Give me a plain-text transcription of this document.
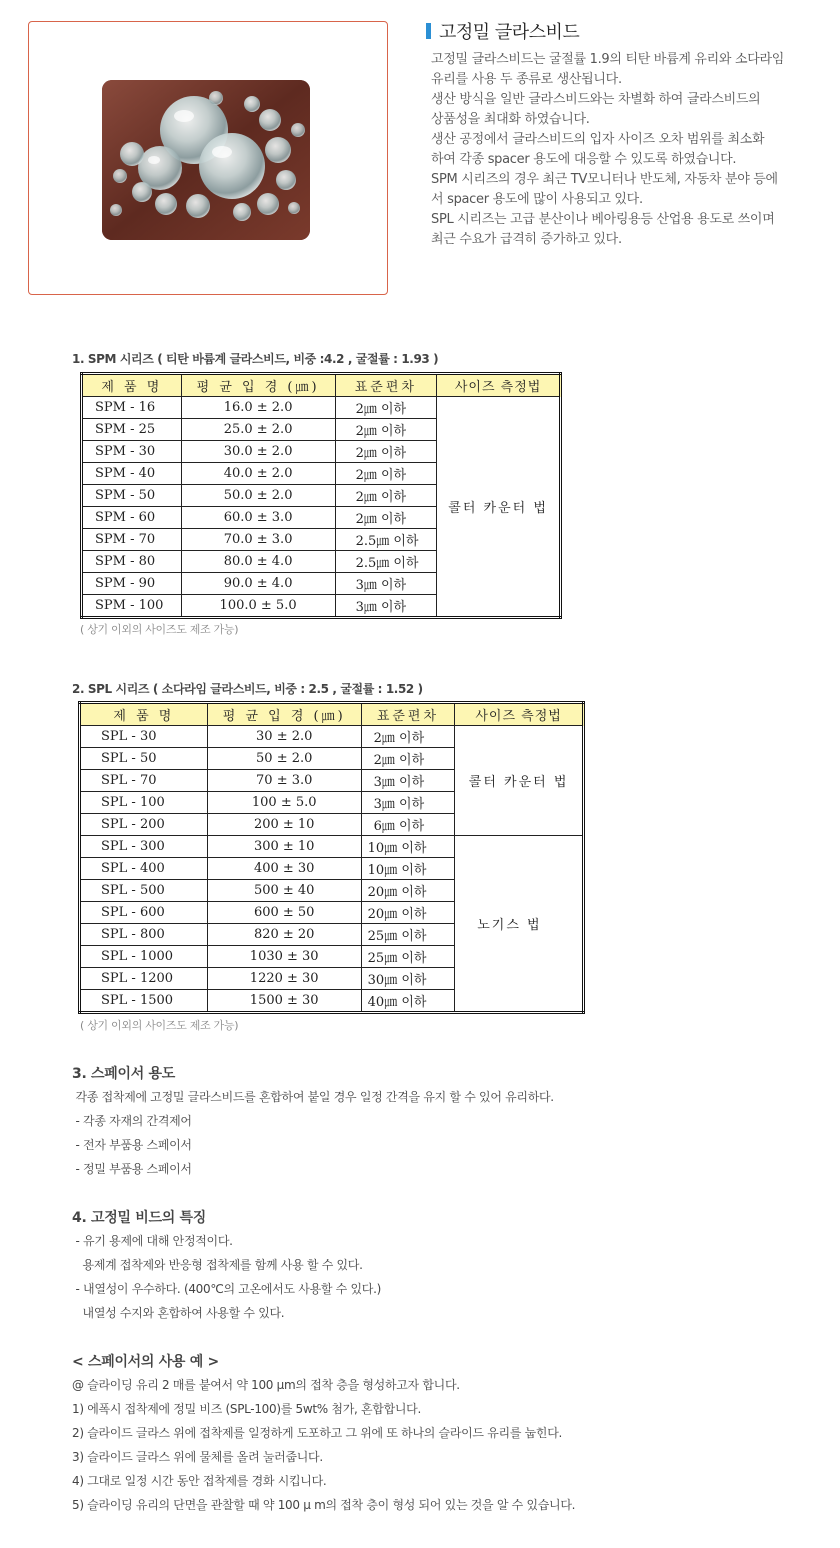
고정밀 글라스비드

고정밀 글라스비드는 굴절률 1.9의 티탄 바륨계 유리와 소다라임

유리를 사용 두 종류로 생산됩니다.

생산 방식을 일반 글라스비드와는 차별화 하여 글라스비드의

상품성을 최대화 하였습니다.

생산 공정에서 글라스비드의 입자 사이즈 오차 범위를 최소화

하여 각종 spacer 용도에 대응할 수 있도록 하였습니다.

SPM 시리즈의 경우 최근 TV모니터나 반도체, 자동차 분야 등에

서 spacer 용도에 많이 사용되고 있다.

SPL 시리즈는 고급 분산이나 베아링용등 산업용 용도로 쓰이며

최근 수요가 급격히 증가하고 있다.

1. SPM 시리즈 ( 티탄 바륨계 글라스비드, 비중 :4.2 , 굴절률 : 1.93 )
제 품 명	평 균 입 경 (㎛)	표준편차	사이즈 측정법
SPM - 16	16.0 ± 2.0	2㎛ 이하	콜터 카운터 법
SPM - 25	25.0 ± 2.0	2㎛ 이하	
SPM - 30	30.0 ± 2.0	2㎛ 이하	
SPM - 40	40.0 ± 2.0	2㎛ 이하	
SPM - 50	50.0 ± 2.0	2㎛ 이하	
SPM - 60	60.0 ± 3.0	2㎛ 이하	
SPM - 70	70.0 ± 3.0	2.5㎛ 이하	
SPM - 80	80.0 ± 4.0	2.5㎛ 이하	
SPM - 90	90.0 ± 4.0	3㎛ 이하	
SPM - 100	100.0 ± 5.0	3㎛ 이하	
( 상기 이외의 사이즈도 제조 가능)
2. SPL 시리즈 ( 소다라임 글라스비드, 비중 : 2.5 , 굴절률 : 1.52 )
제 품 명	평 균 입 경 (㎛)	표준편차	사이즈 측정법
SPL - 30	30 ± 2.0	2㎛ 이하	콜터 카운터 법
SPL - 50	50 ± 2.0	2㎛ 이하	
SPL - 70	70 ± 3.0	3㎛ 이하	
SPL - 100	100 ± 5.0	3㎛ 이하	
SPL - 200	200 ± 10	6㎛ 이하	
SPL - 300	300 ± 10	10㎛ 이하	노기스 법
SPL - 400	400 ± 30	10㎛ 이하	
SPL - 500	500 ± 40	20㎛ 이하	
SPL - 600	600 ± 50	20㎛ 이하	
SPL - 800	820 ± 20	25㎛ 이하	
SPL - 1000	1030 ± 30	25㎛ 이하	
SPL - 1200	1220 ± 30	30㎛ 이하	
SPL - 1500	1500 ± 30	40㎛ 이하	
( 상기 이외의 사이즈도 제조 가능)
3. 스페이서 용도
각종 접착제에 고정밀 글라스비드를 혼합하여 붙일 경우 일정 간격을 유지 할 수 있어 유리하다.
- 각종 자재의 간격제어
- 전자 부품용 스페이서
- 정밀 부품용 스페이서
4. 고정밀 비드의 특징
- 유기 용제에 대해 안정적이다.
용제계 접착제와 반응형 접착제를 함께 사용 할 수 있다.
- 내열성이 우수하다. (400℃의 고온에서도 사용할 수 있다.)
내열성 수지와 혼합하여 사용할 수 있다.
< 스페이서의 사용 예 >
@ 슬라이딩 유리 2 매를 붙여서 약 100 μm의 접착 층을 형성하고자 합니다.
1) 에폭시 접착제에 정밀 비즈 (SPL-100)를 5wt% 첨가, 혼합합니다.
2) 슬라이드 글라스 위에 접착제를 일정하게 도포하고 그 위에 또 하나의 슬라이드 유리를 눕힌다.
3) 슬라이드 글라스 위에 물체를 올려 눌러줍니다.
4) 그대로 일정 시간 동안 접착제를 경화 시킵니다.
5) 슬라이딩 유리의 단면을 관찰할 때 약 100 μ m의 접착 층이 형성 되어 있는 것을 알 수 있습니다.
